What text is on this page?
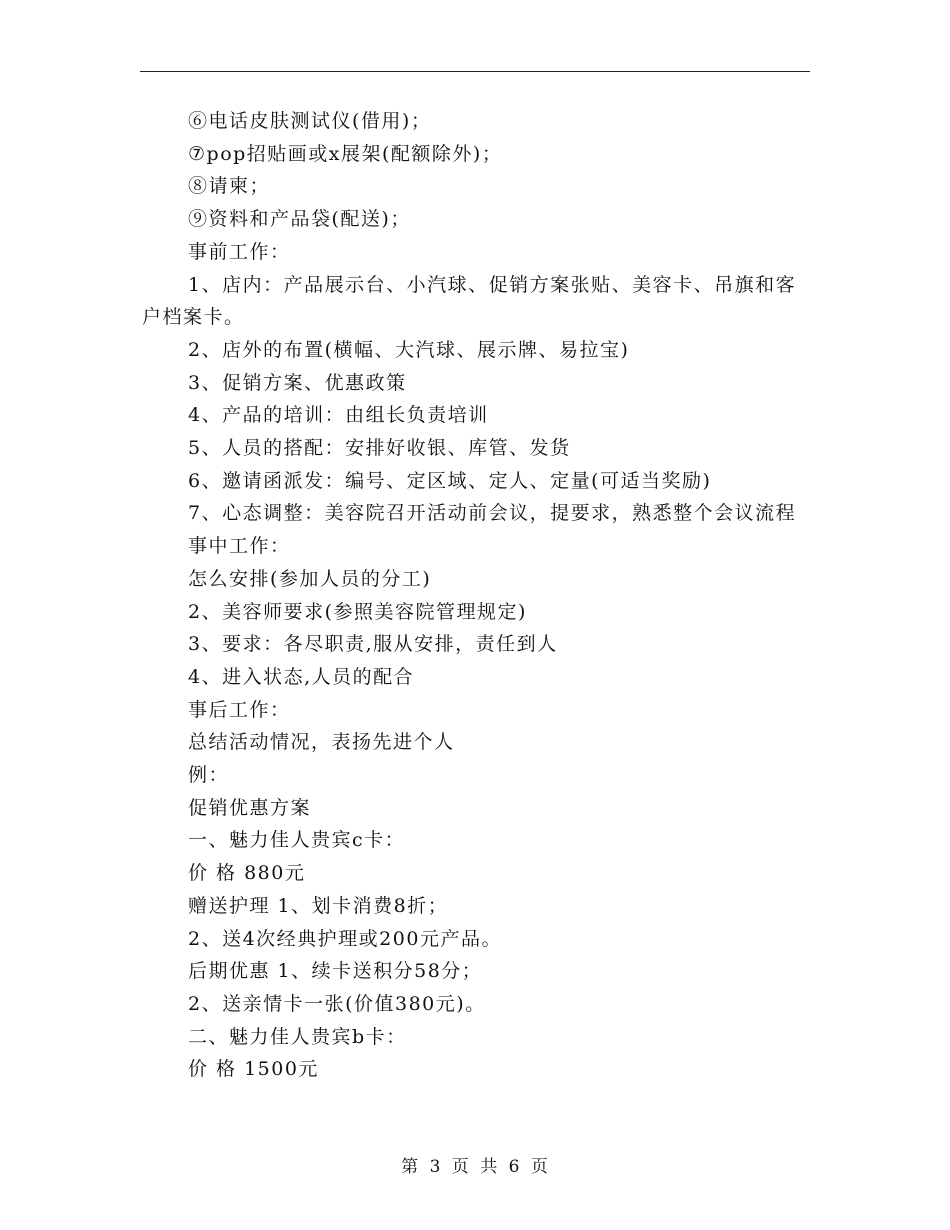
⑥电话皮肤测试仪(借用)；
⑦pop招贴画或x展架(配额除外)；
⑧请柬；
⑨资料和产品袋(配送)；
事前工作：
1、店内：产品展示台、小汽球、促销方案张贴、美容卡、吊旗和客户档案卡。
2、店外的布置(横幅、大汽球、展示牌、易拉宝)
3、促销方案、优惠政策
4、产品的培训：由组长负责培训
5、人员的搭配：安排好收银、库管、发货
6、邀请函派发：编号、定区域、定人、定量(可适当奖励)
7、心态调整：美容院召开活动前会议，提要求，熟悉整个会议流程
事中工作：
怎么安排(参加人员的分工)
2、美容师要求(参照美容院管理规定)
3、要求：各尽职责,服从安排，责任到人
4、进入状态,人员的配合
事后工作：
总结活动情况，表扬先进个人
例：
促销优惠方案
一、魅力佳人贵宾c卡：
价 格 880元
赠送护理 1、划卡消费8折；
2、送4次经典护理或200元产品。
后期优惠 1、续卡送积分58分；
2、送亲情卡一张(价值380元)。
二、魅力佳人贵宾b卡：
价 格 1500元
第 3 页 共 6 页
